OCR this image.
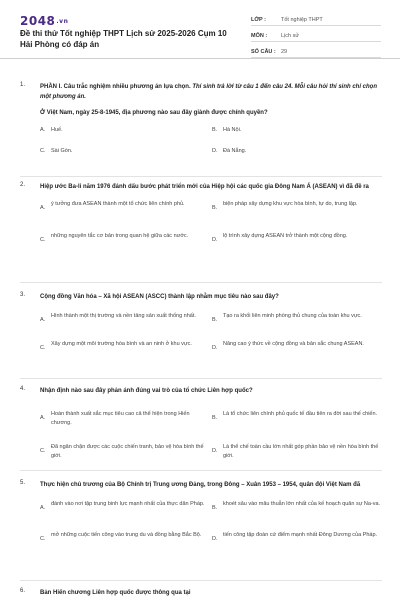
2048.vn
Đề thi thử Tốt nghiệp THPT Lịch sử 2025-2026 Cụm 10 Hải Phòng có đáp án
LỚP :	Tốt nghiệp THPT
MÔN :	Lịch sử
SỐ CÂU : 29
1. PHẦN I. Câu trắc nghiệm nhiều phương án lựa chọn. Thí sinh trả lời từ câu 1 đến câu 24. Mỗi câu hỏi thí sinh chỉ chọn một phương án.
Ở Việt Nam, ngày 25-8-1945, địa phương nào sau đây giành được chính quyền?
A. Huế.	B. Hà Nội.
C. Sài Gòn.	D. Đà Nẵng.
2. Hiệp ước Ba-li năm 1976 đánh dấu bước phát triển mới của Hiệp hội các quốc gia Đông Nam Á (ASEAN) vì đã đề ra
A.
ý tưởng đưa ASEAN thành một tổ chức liên chính phủ.
B.
biện pháp xây dựng khu vực hòa bình, tự do, trung lập.
C.
những nguyên tắc cơ bản trong quan hệ giữa các nước.
D.
lộ trình xây dựng ASEAN trở thành một cộng đồng.
3. Cộng đồng Văn hóa – Xã hội ASEAN (ASCC) thành lập nhằm mục tiêu nào sau đây?
A.
Hình thành một thị trường và nền tảng sản xuất thống nhất.
B.
Tạo ra khối liên minh phòng thủ chung của toàn khu vực.
C.
Xây dựng một môi trường hòa bình và an ninh ở khu vực.
D.
Nâng cao ý thức về cộng đồng và bản sắc chung ASEAN.
4. Nhận định nào sau đây phản ánh đúng vai trò của tổ chức Liên hợp quốc?
A.
Hoàn thành xuất sắc mục tiêu cao cả thể hiện trong Hiến chương.
B.
Là tổ chức liên chính phủ quốc tế đầu tiên ra đời sau thế chiến.
C.
Đã ngăn chặn được các cuộc chiến tranh, bảo vệ hòa bình thế giới.
D.
Là thể chế toàn cầu lớn nhất góp phần bảo vệ nền hòa bình thế giới.
5. Thực hiện chủ trương của Bộ Chính trị Trung ương Đảng, trong Đông – Xuân 1953 – 1954, quân đội Việt Nam đã
A.
đánh vào nơi tập trung binh lực mạnh nhất của thực dân Pháp.
B.
khoét sâu vào mâu thuẫn lớn nhất của kế hoạch quân sự Na-va.
C.
mở những cuộc tiến công vào trung du và đồng bằng Bắc Bộ.
D.
tiến công tập đoàn cứ điểm mạnh nhất Đông Dương của Pháp.
6. Bản Hiến chương Liên hợp quốc được thông qua tại
